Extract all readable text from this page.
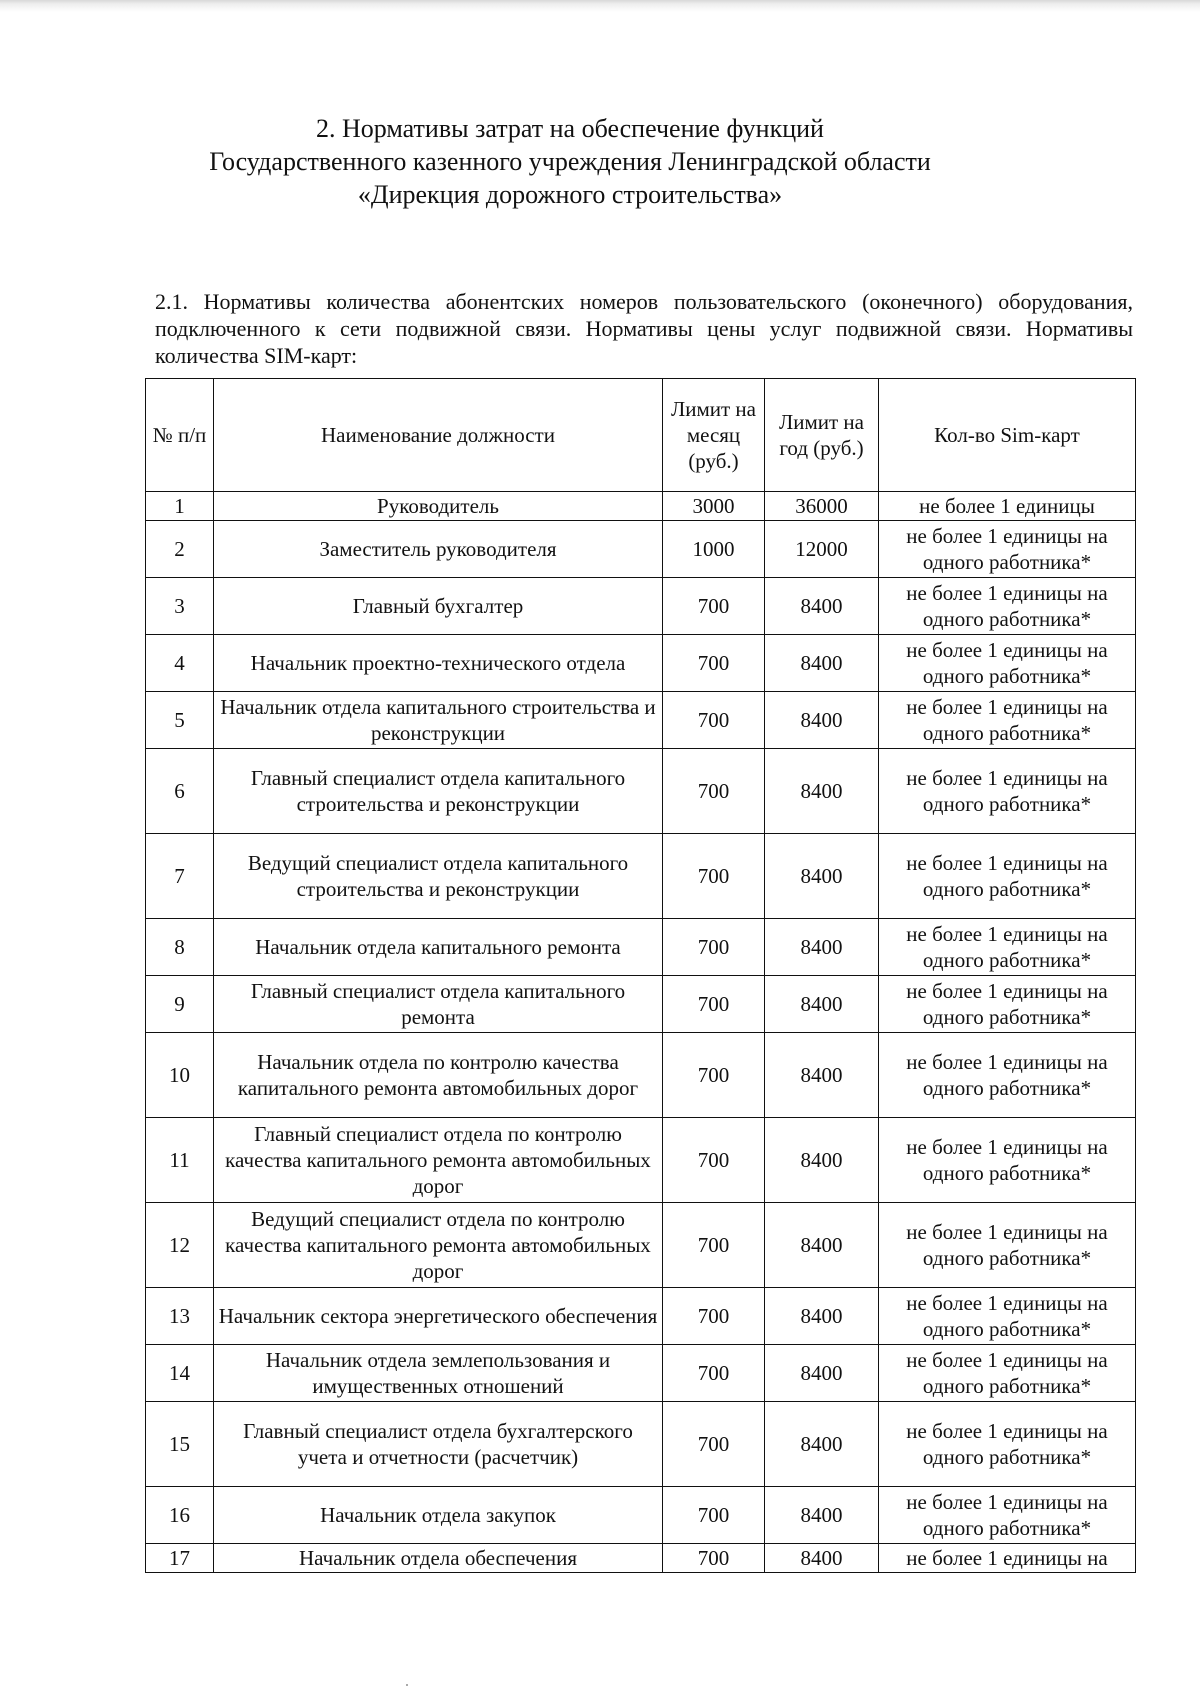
2. Нормативы затрат на обеспечение функций
Государственного казенного учреждения Ленинградской области
«Дирекция дорожного строительства»

2.1. Нормативы количества абонентских номеров пользовательского (оконечного) оборудования, подключенного к сети подвижной связи. Нормативы цены услуг подвижной связи. Нормативы количества SIM-карт:

№ п/п	Наименование должности	Лимит на месяц (руб.)	Лимит на год (руб.)	Кол-во Sim-карт
1	Руководитель	3000	36000	не более 1 единицы
2	Заместитель руководителя	1000	12000	не более 1 единицы на одного работника*
3	Главный бухгалтер	700	8400	не более 1 единицы на одного работника*
4	Начальник проектно-технического отдела	700	8400	не более 1 единицы на одного работника*
5	Начальник отдела капитального строительства и реконструкции	700	8400	не более 1 единицы на одного работника*
6	Главный специалист отдела капитального строительства и реконструкции	700	8400	не более 1 единицы на одного работника*
7	Ведущий специалист отдела капитального строительства и реконструкции	700	8400	не более 1 единицы на одного работника*
8	Начальник отдела капитального ремонта	700	8400	не более 1 единицы на одного работника*
9	Главный специалист отдела капитального ремонта	700	8400	не более 1 единицы на одного работника*
10	Начальник отдела по контролю качества капитального ремонта автомобильных дорог	700	8400	не более 1 единицы на одного работника*
11	Главный специалист отдела по контролю качества капитального ремонта автомобильных дорог	700	8400	не более 1 единицы на одного работника*
12	Ведущий специалист отдела по контролю качества капитального ремонта автомобильных дорог	700	8400	не более 1 единицы на одного работника*
13	Начальник сектора энергетического обеспечения	700	8400	не более 1 единицы на одного работника*
14	Начальник отдела землепользования и имущественных отношений	700	8400	не более 1 единицы на одного работника*
15	Главный специалист отдела бухгалтерского учета и отчетности (расчетчик)	700	8400	не более 1 единицы на одного работника*
16	Начальник отдела закупок	700	8400	не более 1 единицы на одного работника*
17	Начальник отдела обеспечения	700	8400	не более 1 единицы на
